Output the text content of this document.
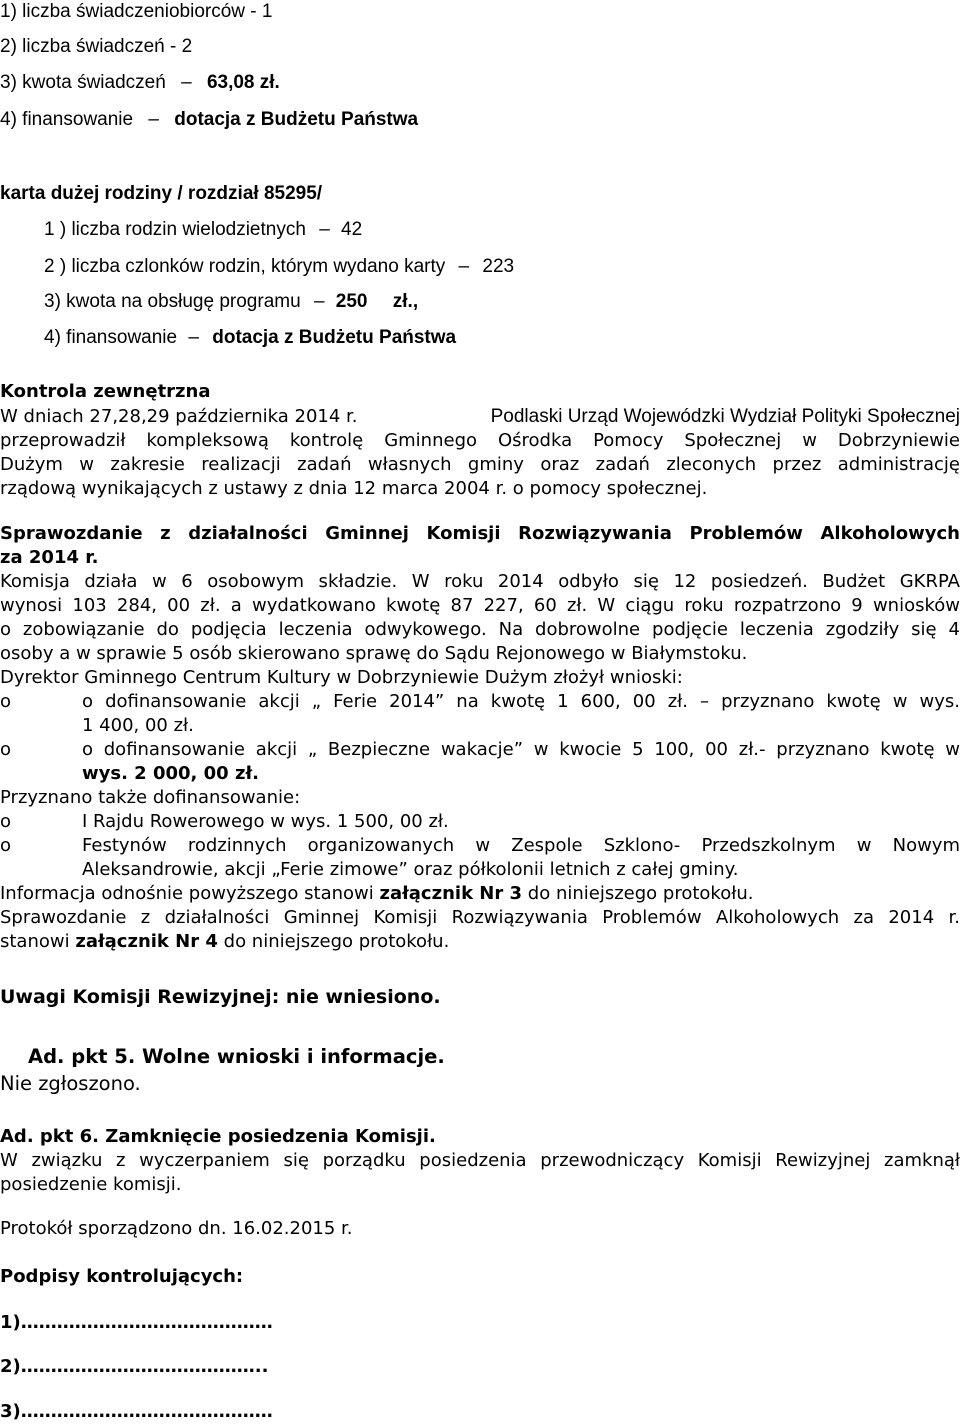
1) liczba świadczeniobiorców - 1
2) liczba świadczeń - 2
3) kwota świadczeń – 63,08 zł.
4) finansowanie – dotacja z Budżetu Państwa
karta dużej rodziny / rozdział 85295/
1 ) liczba rodzin wielodzietnych – 42
2 ) liczba czlonków rodzin, którym wydano karty – 223
3) kwota na obsługę programu – 250 zł.,
4) finansowanie – dotacja z Budżetu Państwa
Kontrola zewnętrzna
W dniach 27,28,29 października 2014 r.	Podlaski Urząd Wojewódzki Wydział Polityki Społecznej
przeprowadził kompleksową kontrolę Gminnego Ośrodka Pomocy Społecznej w Dobrzyniewie
Dużym w zakresie realizacji zadań własnych gminy oraz zadań zleconych przez administrację
rządową wynikających z ustawy z dnia 12 marca 2004 r. o pomocy społecznej.
Sprawozdanie z działalności Gminnej Komisji Rozwiązywania Problemów Alkoholowych
za 2014 r.
Komisja działa w 6 osobowym składzie. W roku 2014 odbyło się 12 posiedzeń. Budżet GKRPA
wynosi 103 284, 00 zł. a wydatkowano kwotę 87 227, 60 zł. W ciągu roku rozpatrzono 9 wniosków
o zobowiązanie do podjęcia leczenia odwykowego. Na dobrowolne podjęcie leczenia zgodziły się 4
osoby a w sprawie 5 osób skierowano sprawę do Sądu Rejonowego w Białymstoku.
Dyrektor Gminnego Centrum Kultury w Dobrzyniewie Dużym złożył wnioski:
o	o dofinansowanie akcji „ Ferie 2014” na kwotę 1 600, 00 zł. – przyznano kwotę w wys.
1 400, 00 zł.
o	o dofinansowanie akcji „ Bezpieczne wakacje” w kwocie 5 100, 00 zł.- przyznano kwotę w
wys. 2 000, 00 zł.
Przyznano także dofinansowanie:
o	I Rajdu Rowerowego w wys. 1 500, 00 zł.
o	Festynów rodzinnych organizowanych w Zespole Szklono- Przedszkolnym w Nowym
Aleksandrowie, akcji „Ferie zimowe” oraz półkolonii letnich z całej gminy.
Informacja odnośnie powyższego stanowi załącznik Nr 3 do niniejszego protokołu.
Sprawozdanie z działalności Gminnej Komisji Rozwiązywania Problemów Alkoholowych za 2014 r.
stanowi załącznik Nr 4 do niniejszego protokołu.
Uwagi Komisji Rewizyjnej: nie wniesiono.
Ad. pkt 5. Wolne wnioski i informacje.
Nie zgłoszono.
Ad. pkt 6. Zamknięcie posiedzenia Komisji.
W związku z wyczerpaniem się porządku posiedzenia przewodniczący Komisji Rewizyjnej zamknął
posiedzenie komisji.
Protokół sporządzono dn. 16.02.2015 r.
Podpisy kontrolujących:
1)……………………………………
2)…………………………………..
3)……………………………………
